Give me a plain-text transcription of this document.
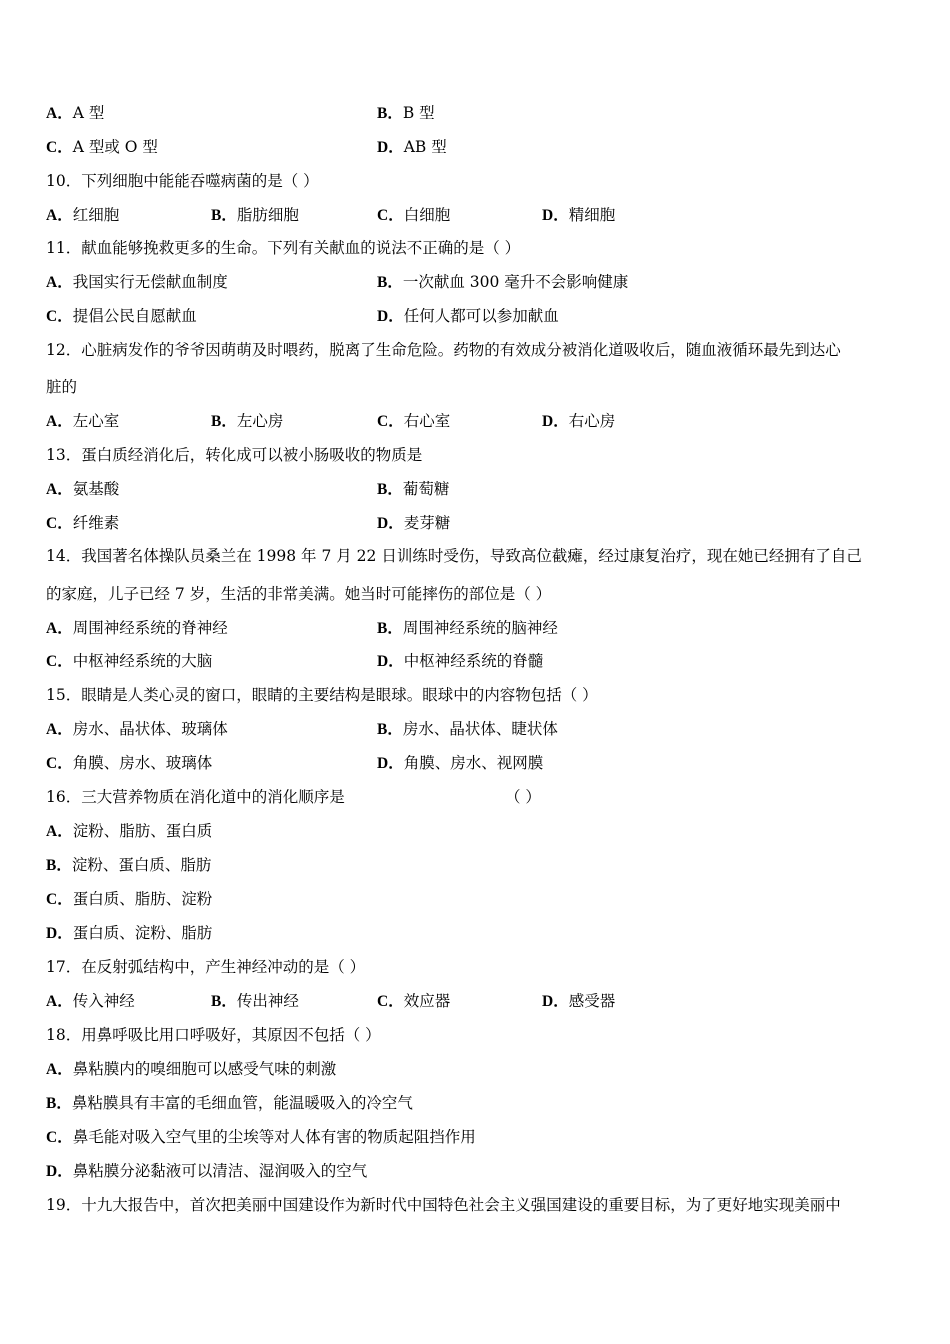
A．A 型	B．B 型
C．A 型或 O 型	D．AB 型
10．下列细胞中能能吞噬病菌的是（ ）
A．红细胞	B．脂肪细胞	C．白细胞	D．精细胞
11．献血能够挽救更多的生命。下列有关献血的说法不正确的是（ ）
A．我国实行无偿献血制度	B．一次献血 300 毫升不会影响健康
C．提倡公民自愿献血	D．任何人都可以参加献血
12．心脏病发作的爷爷因萌萌及时喂药，脱离了生命危险。药物的有效成分被消化道吸收后，随血液循环最先到达心
脏的
A．左心室	B．左心房	C．右心室	D．右心房
13．蛋白质经消化后，转化成可以被小肠吸收的物质是
A．氨基酸	B．葡萄糖
C．纤维素	D．麦芽糖
14．我国著名体操队员桑兰在 1998 年 7 月 22 日训练时受伤，导致高位截瘫，经过康复治疗，现在她已经拥有了自己
的家庭，儿子已经 7 岁，生活的非常美满。她当时可能摔伤的部位是（ ）
A．周围神经系统的脊神经	B．周围神经系统的脑神经
C．中枢神经系统的大脑	D．中枢神经系统的脊髓
15．眼睛是人类心灵的窗口，眼睛的主要结构是眼球。眼球中的内容物包括（ ）
A．房水、晶状体、玻璃体	B．房水、晶状体、睫状体
C．角膜、房水、玻璃体	D．角膜、房水、视网膜
16．三大营养物质在消化道中的消化顺序是	（ ）
A．淀粉、脂肪、蛋白质
B．淀粉、蛋白质、脂肪
C．蛋白质、脂肪、淀粉
D．蛋白质、淀粉、脂肪
17．在反射弧结构中，产生神经冲动的是（ ）
A．传入神经	B．传出神经	C．效应器	D．感受器
18．用鼻呼吸比用口呼吸好，其原因不包括（ ）
A．鼻粘膜内的嗅细胞可以感受气味的刺激
B．鼻粘膜具有丰富的毛细血管，能温暖吸入的冷空气
C．鼻毛能对吸入空气里的尘埃等对人体有害的物质起阻挡作用
D．鼻粘膜分泌黏液可以清洁、湿润吸入的空气
19．十九大报告中，首次把美丽中国建设作为新时代中国特色社会主义强国建设的重要目标，为了更好地实现美丽中
